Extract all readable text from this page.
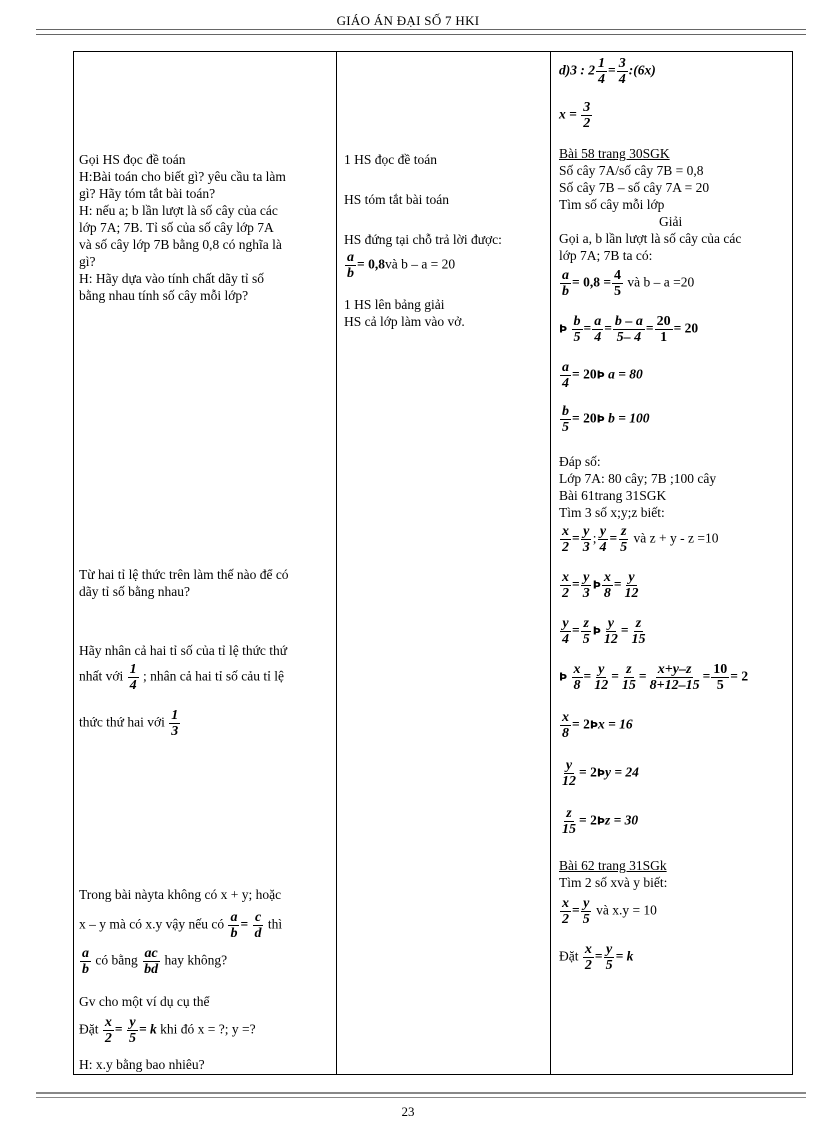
GIÁO ÁN ĐẠI SỐ 7 HKI
Gọi HS đọc đề toán
H:Bài toán cho biết gì? yêu cầu ta làm
gì? Hãy tóm tắt bài toán?
H: nếu a; b lần lượt là số cây của các
lớp 7A; 7B. Tỉ số của số cây lớp 7A
và số cây lớp 7B bằng 0,8 có nghĩa là
gì?
H: Hãy dựa vào tính chất dãy tỉ số
bằng nhau tính số cây mỗi lớp?
Từ hai tỉ lệ thức trên làm thế nào để có
dãy tỉ số bằng nhau?
Hãy nhân cả hai tỉ số của tỉ lệ thức thứ
nhất với $\frac{1}{4}$ ; nhân cả hai tỉ số cảu tỉ lệ
thức thứ hai với $\frac{1}{3}$
Trong bài nàyta không có x + y; hoặc
x – y mà có x.y vậy nếu có $\frac{a}{b} = \frac{c}{d}$ thì
$\frac{a}{b}$ có bằng $\frac{ac}{bd}$ hay không?
Gv cho một ví dụ cụ thể
Đặt $\frac{x}{2} = \frac{y}{5} = k$ khi đó x = ?; y =?
H: x.y bằng bao nhiêu?
1 HS đọc đề toán
HS tóm tắt bài toán
HS đứng tại chỗ trả lời được:
$\frac{a}{b}$ = 0,8và b – a = 20
1 HS lên bảng giải
HS cả lớp làm vào vở.
d)3 : $2 \frac{1}{4} = \frac{3}{4}$ :(6x)
$x = \frac{3}{2}$
Bài 58 trang 30SGK
Số cây 7A/số cây 7B = 0,8
Số cây 7B – số cây 7A = 20
Tìm số cây mỗi lớp
Giải
Gọi a, b lần lượt là số cây của các
lớp 7A; 7B ta có:
$\frac{a}{b} = 0,8 = \frac{4}{5}$ và b – a =20
Þ $\frac{b}{5} = \frac{a}{4} = \frac{b - a}{5- 4} = \frac{20}{1} = 20$
$\frac{a}{4}$ = 20Þ a = 80
$\frac{b}{5}$ = 20Þ b = 100
Đáp số:
Lớp 7A: 80 cây; 7B ;100 cây
Bài 61trang 31SGK
Tìm 3 số x;y;z biết:
$\frac{x}{2} = \frac{y}{3}$ ; $\frac{y}{4} = \frac{z}{5}$ và z + y - z =10
$\frac{x}{2} = \frac{y}{3}$ Þ $\frac{x}{8} = \frac{y}{12}$
$\frac{y}{4} = \frac{z}{5}$ Þ $\frac{y}{12} = \frac{z}{15}$
Þ $\frac{x}{8} = \frac{y}{12} = \frac{z}{15} = \frac{x+y-z}{8+12-15} = \frac{10}{5} = 2$
$\frac{x}{8}$ = 2Þx = 16
$\frac{y}{12}$ = 2Þy = 24
$\frac{z}{15}$ = 2Þz = 30
Bài 62 trang 31SGk
Tìm 2 số xvà y biết:
$\frac{x}{2} = \frac{y}{5}$ và x.y = 10
Đặt $\frac{x}{2} = \frac{y}{5} = k$
23
